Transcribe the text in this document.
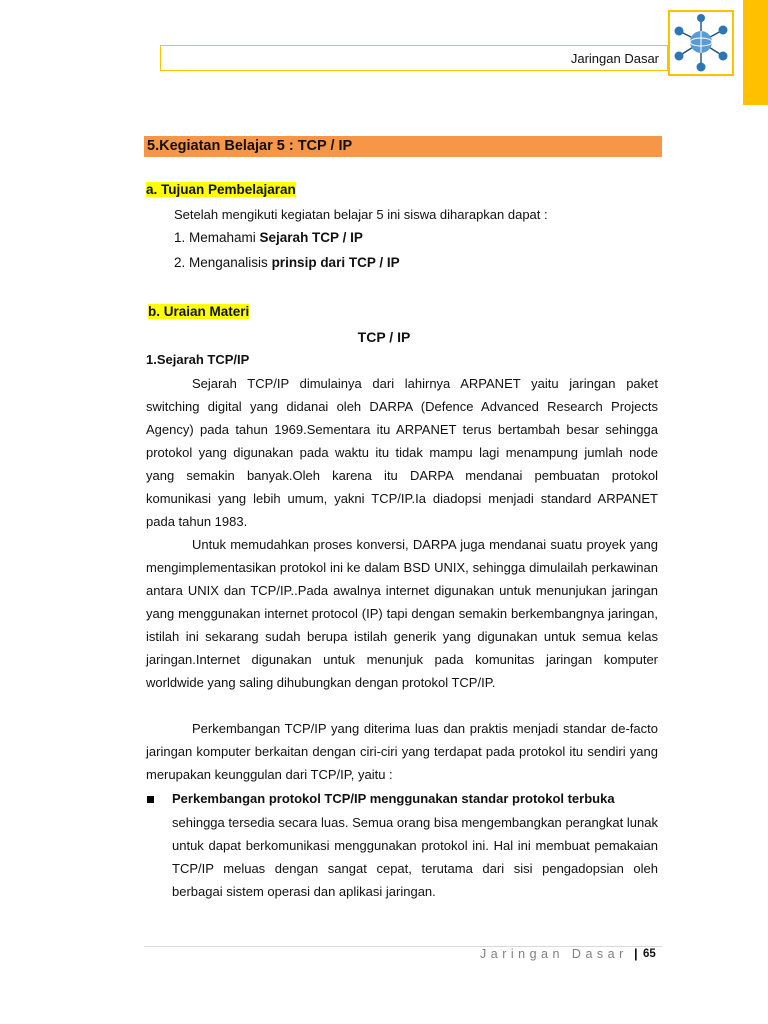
Jaringan Dasar
5.Kegiatan Belajar 5 : TCP / IP
a. Tujuan Pembelajaran
Setelah mengikuti kegiatan belajar 5 ini siswa diharapkan dapat :
1. Memahami Sejarah TCP / IP
2. Menganalisis prinsip dari TCP / IP
b. Uraian Materi
TCP / IP
1.Sejarah TCP/IP

Sejarah TCP/IP dimulainya dari lahirnya ARPANET yaitu jaringan paket switching digital yang didanai oleh DARPA (Defence Advanced Research Projects Agency) pada tahun 1969.Sementara itu ARPANET terus bertambah besar sehingga protokol yang digunakan pada waktu itu tidak mampu lagi menampung jumlah node yang semakin banyak.Oleh karena itu DARPA mendanai pembuatan protokol komunikasi yang lebih umum, yakni TCP/IP.Ia diadopsi menjadi standard ARPANET pada tahun 1983.

Untuk memudahkan proses konversi, DARPA juga mendanai suatu proyek yang mengimplementasikan protokol ini ke dalam BSD UNIX, sehingga dimulailah perkawinan antara UNIX dan TCP/IP..Pada awalnya internet digunakan untuk menunjukan jaringan yang menggunakan internet protocol (IP) tapi dengan semakin berkembangnya jaringan, istilah ini sekarang sudah berupa istilah generik yang digunakan untuk semua kelas jaringan.Internet digunakan untuk menunjuk pada komunitas jaringan komputer worldwide yang saling dihubungkan dengan protokol TCP/IP.

Perkembangan TCP/IP yang diterima luas dan praktis menjadi standar de-facto jaringan komputer berkaitan dengan ciri-ciri yang terdapat pada protokol itu sendiri yang merupakan keunggulan dari TCP/IP, yaitu :

Perkembangan protokol TCP/IP menggunakan standar protokol terbuka

sehingga tersedia secara luas. Semua orang bisa mengembangkan perangkat lunak untuk dapat berkomunikasi menggunakan protokol ini. Hal ini membuat pemakaian TCP/IP meluas dengan sangat cepat, terutama dari sisi pengadopsian oleh berbagai sistem operasi dan aplikasi jaringan.

Jaringan Dasar | 65
